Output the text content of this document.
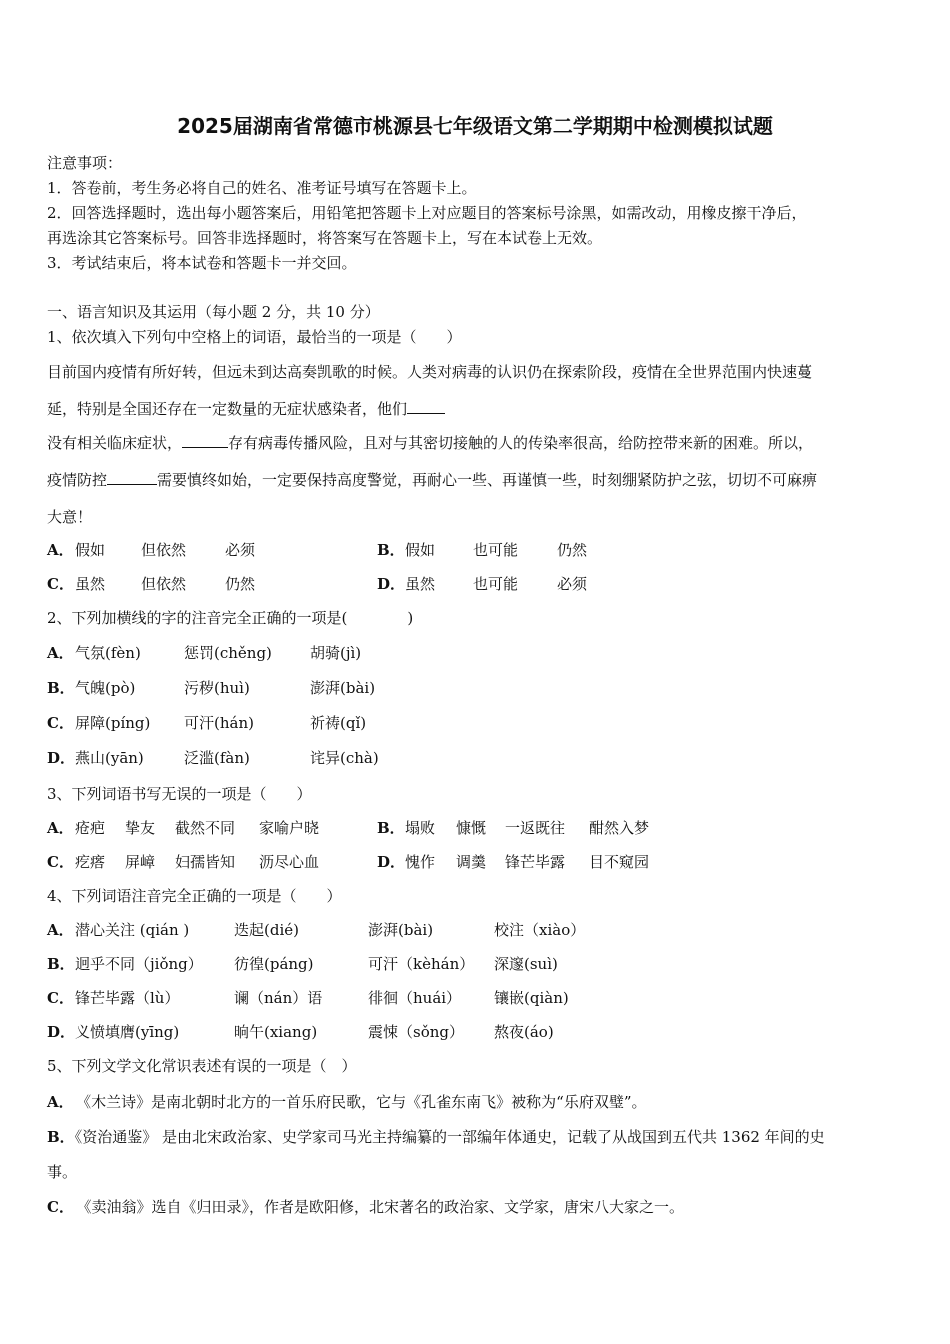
2025届湖南省常德市桃源县七年级语文第二学期期中检测模拟试题
注意事项：
1．答卷前，考生务必将自己的姓名、准考证号填写在答题卡上。
2．回答选择题时，选出每小题答案后，用铅笔把答题卡上对应题目的答案标号涂黑，如需改动，用橡皮擦干净后，
再选涂其它答案标号。回答非选择题时，将答案写在答题卡上，写在本试卷上无效。
3．考试结束后，将本试卷和答题卡一并交回。
一、语言知识及其运用（每小题 2 分，共 10 分）
1、依次填入下列句中空格上的词语，最恰当的一项是（　　）
目前国内疫情有所好转，但远未到达高奏凯歌的时候。人类对病毒的认识仍在探索阶段，疫情在全世界范围内快速蔓
延，特别是全国还存在一定数量的无症状感染者，他们
没有相关临床症状，	存有病毒传播风险，且对与其密切接触的人的传染率很高，给防控带来新的困难。所以，
疫情防控	需要慎终如始，一定要保持高度警觉，再耐心一些、再谨慎一些，时刻绷紧防护之弦，切切不可麻痹
大意！
A． 假如 但依然	必须	B． 假如	也可能	仍然
C． 虽然 但依然	仍然	D． 虽然	也可能	必须
2、下列加横线的字的注音完全正确的一项是(　　　　)
A． 气氛(fèn)	惩罚(chěng)	胡骑(jì)
B． 气魄(pò)	污秽(huì)	澎湃(bài)
C． 屏障(píng) 可汗(hán)	祈祷(qǐ)
D． 燕山(yān)	泛滥(fàn)	诧异(chà)
3、下列词语书写无误的一项是（　　）
A． 疮疤 挚友 截然不同 家喻户晓	B． 塌败 慷慨 一返既往 酣然入梦
C． 疙瘩 屏嶂 妇孺皆知 沥尽心血	D． 愧作 调羹 锋芒毕露 目不窥园
4、下列词语注音完全正确的一项是（　　）
A． 潜心关注 (qián )	迭起(dié)	澎湃(bài)	校注（xiào）
B． 迥乎不同（jiǒng） 彷徨(páng)	可汗（kèhán） 深邃(suì)
C． 锋芒毕露（lù）	谰（nán）语	徘徊（huái） 镶嵌(qiàn)
D． 义愤填膺(yīng)	晌午(xiang)	震悚（sǒng） 熬夜(áo)
5、下列文学文化常识表述有误的一项是（　）
A． 《木兰诗》是南北朝时北方的一首乐府民歌，它与《孔雀东南飞》被称为“乐府双璧”。
B．《资治通鉴》 是由北宋政治家、史学家司马光主持编纂的一部编年体通史，记载了从战国到五代共 1362 年间的史
事。
C． 《卖油翁》选自《归田录》，作者是欧阳修，北宋著名的政治家、文学家，唐宋八大家之一。
